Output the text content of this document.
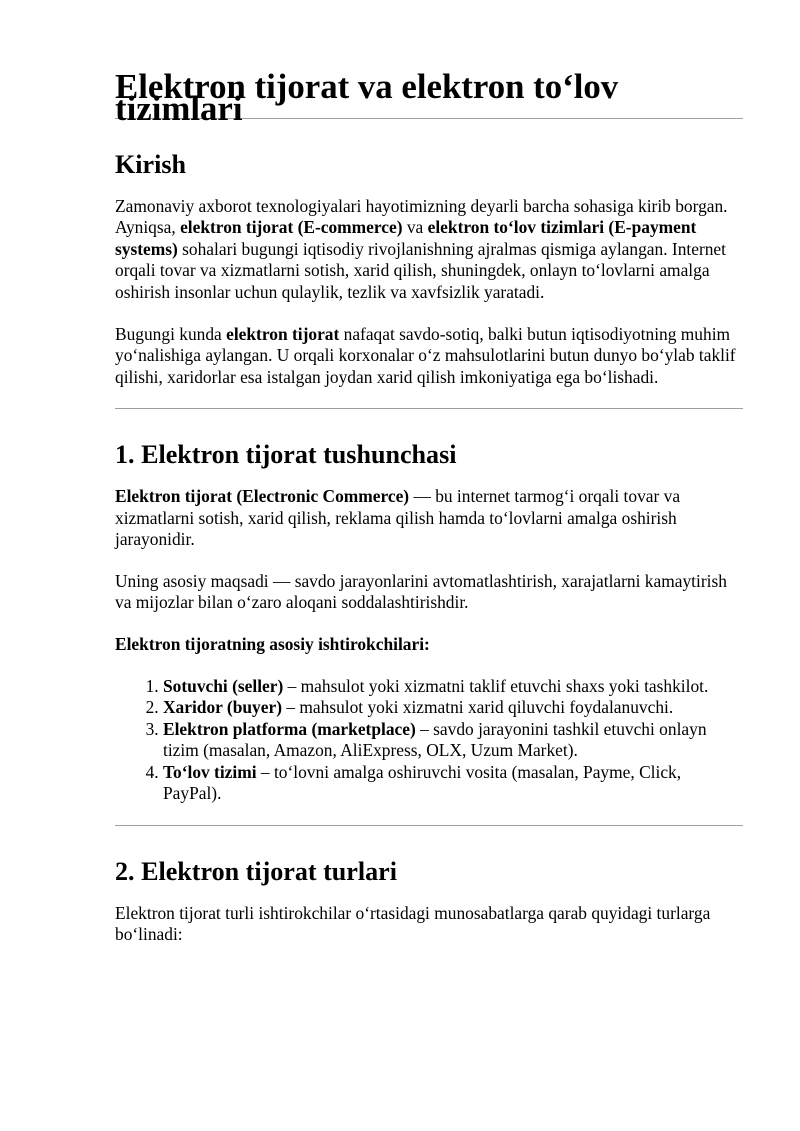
Elektron tijorat va elektron to‘lov tizimlari
Kirish

Zamonaviy axborot texnologiyalari hayotimizning deyarli barcha sohasiga kirib borgan. Ayniqsa, elektron tijorat (E-commerce) va elektron to‘lov tizimlari (E-payment systems) sohalari bugungi iqtisodiy rivojlanishning ajralmas qismiga aylangan. Internet orqali tovar va xizmatlarni sotish, xarid qilish, shuningdek, onlayn to‘lovlarni amalga oshirish insonlar uchun qulaylik, tezlik va xavfsizlik yaratadi.

Bugungi kunda elektron tijorat nafaqat savdo-sotiq, balki butun iqtisodiyotning muhim yo‘nalishiga aylangan. U orqali korxonalar o‘z mahsulotlarini butun dunyo bo‘ylab taklif qilishi, xaridorlar esa istalgan joydan xarid qilish imkoniyatiga ega bo‘lishadi.

1. Elektron tijorat tushunchasi

Elektron tijorat (Electronic Commerce) — bu internet tarmog‘i orqali tovar va xizmatlarni sotish, xarid qilish, reklama qilish hamda to‘lovlarni amalga oshirish jarayonidir.

Uning asosiy maqsadi — savdo jarayonlarini avtomatlashtirish, xarajatlarni kamaytirish va mijozlar bilan o‘zaro aloqani soddalashtirishdir.

Elektron tijoratning asosiy ishtirokchilari:

1. Sotuvchi (seller) – mahsulot yoki xizmatni taklif etuvchi shaxs yoki tashkilot.
2. Xaridor (buyer) – mahsulot yoki xizmatni xarid qiluvchi foydalanuvchi.
3. Elektron platforma (marketplace) – savdo jarayonini tashkil etuvchi onlayn tizim (masalan, Amazon, AliExpress, OLX, Uzum Market).
4. To‘lov tizimi – to‘lovni amalga oshiruvchi vosita (masalan, Payme, Click, PayPal).
2. Elektron tijorat turlari

Elektron tijorat turli ishtirokchilar o‘rtasidagi munosabatlarga qarab quyidagi turlarga bo‘linadi:
